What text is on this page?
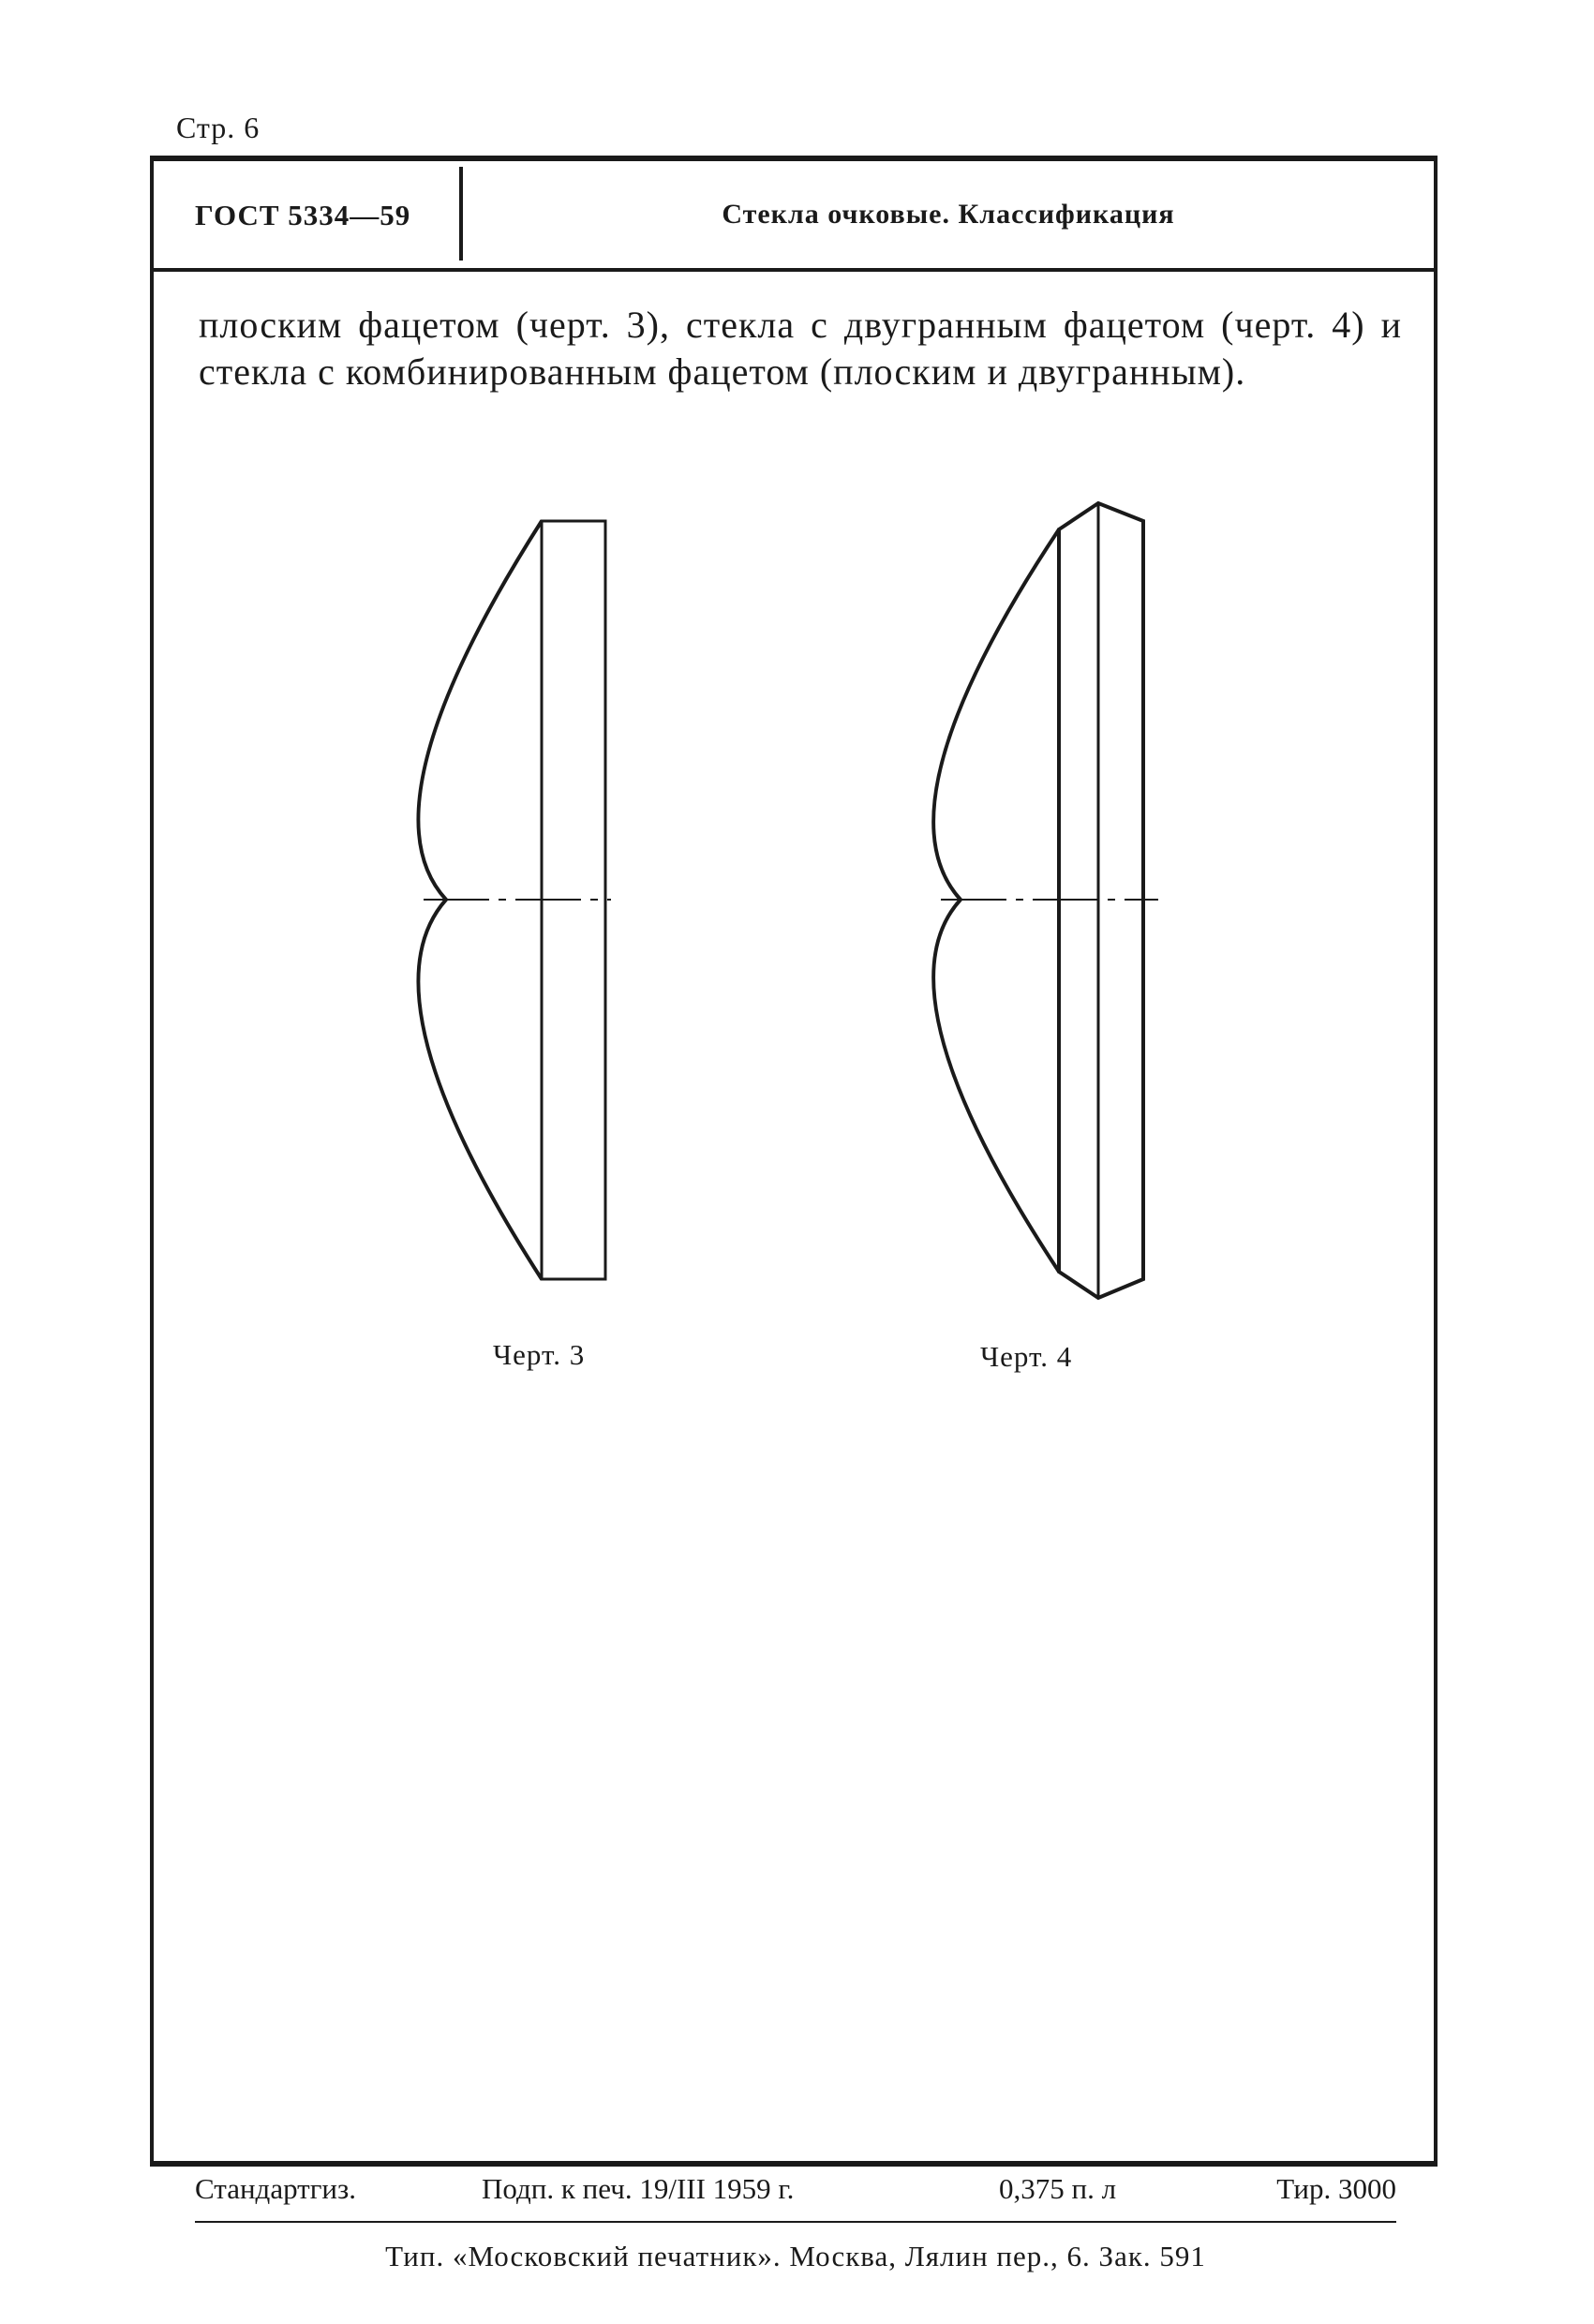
Стр. 6
ГОСТ 5334—59	Стекла очковые. Классификация
плоским фацетом (черт. 3), стекла с двугранным фацетом (черт. 4) и стекла с комбинированным фацетом (плоским и двугранным).
Черт. 3	Черт. 4
Стандартгиз.	Подп. к печ. 19/III 1959 г.	0,375 п. л	Тир. 3000
Тип. «Московский печатник». Москва, Лялин пер., 6. Зак. 591
